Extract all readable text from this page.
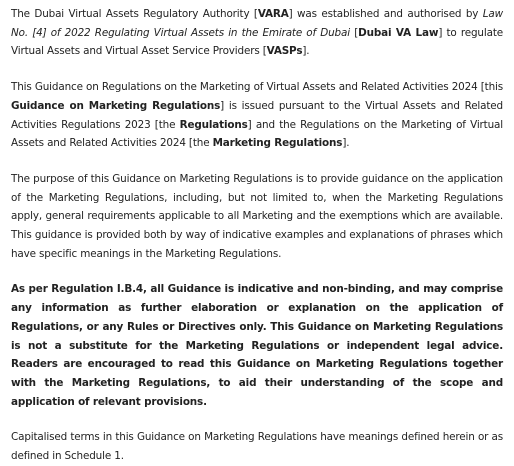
The Dubai Virtual Assets Regulatory Authority [VARA] was established and authorised by Law No. [4] of 2022 Regulating Virtual Assets in the Emirate of Dubai [Dubai VA Law] to regulate Virtual Assets and Virtual Asset Service Providers [VASPs].

This Guidance on Regulations on the Marketing of Virtual Assets and Related Activities 2024 [this Guidance on Marketing Regulations] is issued pursuant to the Virtual Assets and Related Activities Regulations 2023 [the Regulations] and the Regulations on the Marketing of Virtual Assets and Related Activities 2024 [the Marketing Regulations].

The purpose of this Guidance on Marketing Regulations is to provide guidance on the application of the Marketing Regulations, including, but not limited to, when the Marketing Regulations apply, general requirements applicable to all Marketing and the exemptions which are available. This guidance is provided both by way of indicative examples and explanations of phrases which have specific meanings in the Marketing Regulations.

As per Regulation I.B.4, all Guidance is indicative and non-binding, and may comprise any information as further elaboration or explanation on the application of Regulations, or any Rules or Directives only. This Guidance on Marketing Regulations is not a substitute for the Marketing Regulations or independent legal advice. Readers are encouraged to read this Guidance on Marketing Regulations together with the Marketing Regulations, to aid their understanding of the scope and application of relevant provisions.

Capitalised terms in this Guidance on Marketing Regulations have meanings defined herein or as defined in Schedule 1.
